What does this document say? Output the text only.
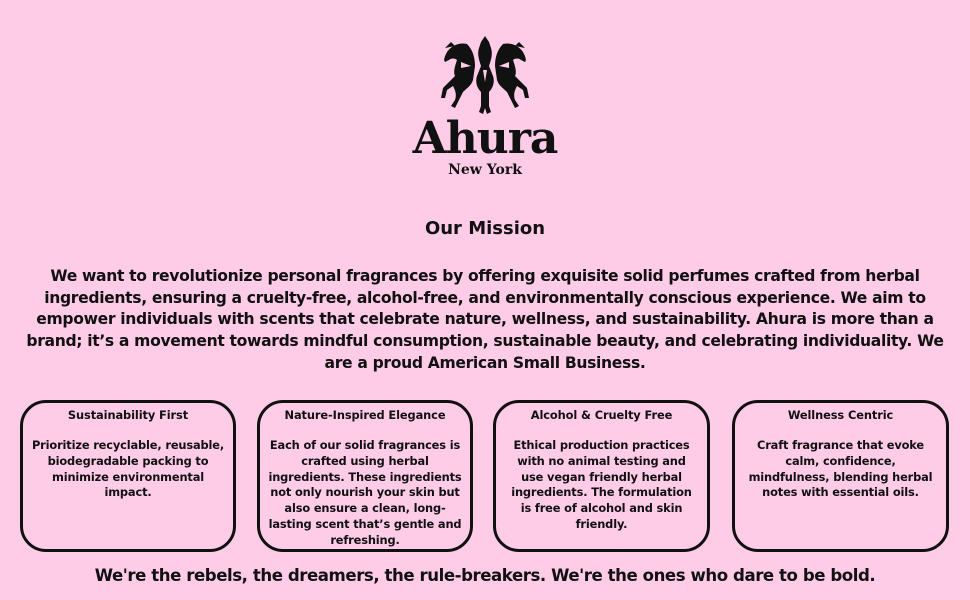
Ahura
New York
Our Mission
We want to revolutionize personal fragrances by offering exquisite solid perfumes crafted from herbal ingredients, ensuring a cruelty-free, alcohol-free, and environmentally conscious experience. We aim to empower individuals with scents that celebrate nature, wellness, and sustainability. Ahura is more than a brand; it’s a movement towards mindful consumption, sustainable beauty, and celebrating individuality. We are a proud American Small Business.
Sustainability First
Prioritize recyclable, reusable, biodegradable packing to minimize environmental impact.
Nature-Inspired Elegance
Each of our solid fragrances is crafted using herbal ingredients. These ingredients not only nourish your skin but also ensure a clean, long-lasting scent that’s gentle and refreshing.
Alcohol & Cruelty Free
Ethical production practices with no animal testing and use vegan friendly herbal ingredients. The formulation is free of alcohol and skin friendly.
Wellness Centric
Craft fragrance that evoke calm, confidence, mindfulness, blending herbal notes with essential oils.
We're the rebels, the dreamers, the rule-breakers. We're the ones who dare to be bold.
